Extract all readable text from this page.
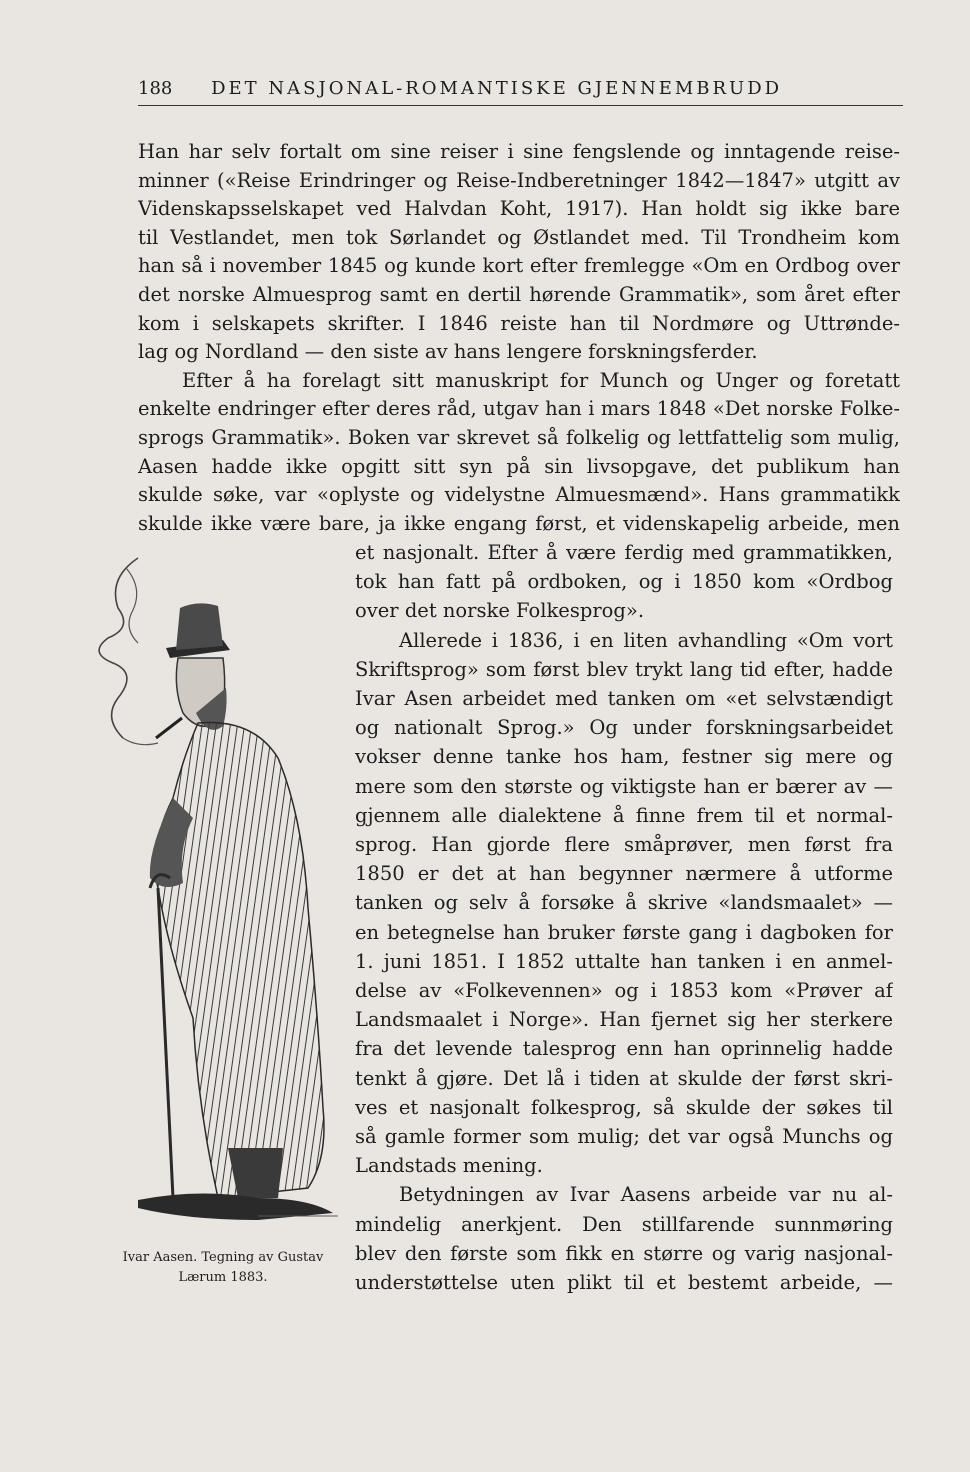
188 DET NASJONAL-ROMANTISKE GJENNEMBRUDD
Han har selv fortalt om sine reiser i sine fengslende og inntagende reise-
minner («Reise Erindringer og Reise-Indberetninger 1842—1847» utgitt av
Videnskapsselskapet ved Halvdan Koht, 1917). Han holdt sig ikke bare
til Vestlandet, men tok Sørlandet og Østlandet med. Til Trondheim kom
han så i november 1845 og kunde kort efter fremlegge «Om en Ordbog over
det norske Almuesprog samt en dertil hørende Grammatik», som året efter
kom i selskapets skrifter. I 1846 reiste han til Nordmøre og Uttrønde-
lag og Nordland — den siste av hans lengere forskningsferder.
Efter å ha forelagt sitt manuskript for Munch og Unger og foretatt
enkelte endringer efter deres råd, utgav han i mars 1848 «Det norske Folke-
sprogs Grammatik». Boken var skrevet så folkelig og lettfattelig som mulig,
Aasen hadde ikke opgitt sitt syn på sin livsopgave, det publikum han
skulde søke, var «oplyste og videlystne Almuesmænd». Hans grammatikk
skulde ikke være bare, ja ikke engang først, et videnskapelig arbeide, men
et nasjonalt. Efter å være ferdig med grammatikken,
tok han fatt på ordboken, og i 1850 kom «Ordbog
over det norske Folkesprog».
Allerede i 1836, i en liten avhandling «Om vort
Skriftsprog» som først blev trykt lang tid efter, hadde
Ivar Asen arbeidet med tanken om «et selvstændigt
og nationalt Sprog.» Og under forskningsarbeidet
vokser denne tanke hos ham, festner sig mere og
mere som den største og viktigste han er bærer av —
gjennem alle dialektene å finne frem til et normal-
sprog. Han gjorde flere småprøver, men først fra
1850 er det at han begynner nærmere å utforme
tanken og selv å forsøke å skrive «landsmaalet» —
en betegnelse han bruker første gang i dagboken for
1. juni 1851. I 1852 uttalte han tanken i en anmel-
delse av «Folkevennen» og i 1853 kom «Prøver af
Landsmaalet i Norge». Han fjernet sig her sterkere
fra det levende talesprog enn han oprinnelig hadde
tenkt å gjøre. Det lå i tiden at skulde der først skri-
ves et nasjonalt folkesprog, så skulde der søkes til
så gamle former som mulig; det var også Munchs og
Landstads mening.
Betydningen av Ivar Aasens arbeide var nu al-
mindelig anerkjent. Den stillfarende sunnmøring
blev den første som fikk en større og varig nasjonal-
understøttelse uten plikt til et bestemt arbeide, —
Ivar Aasen. Tegning av Gustav
Lærum 1883.
